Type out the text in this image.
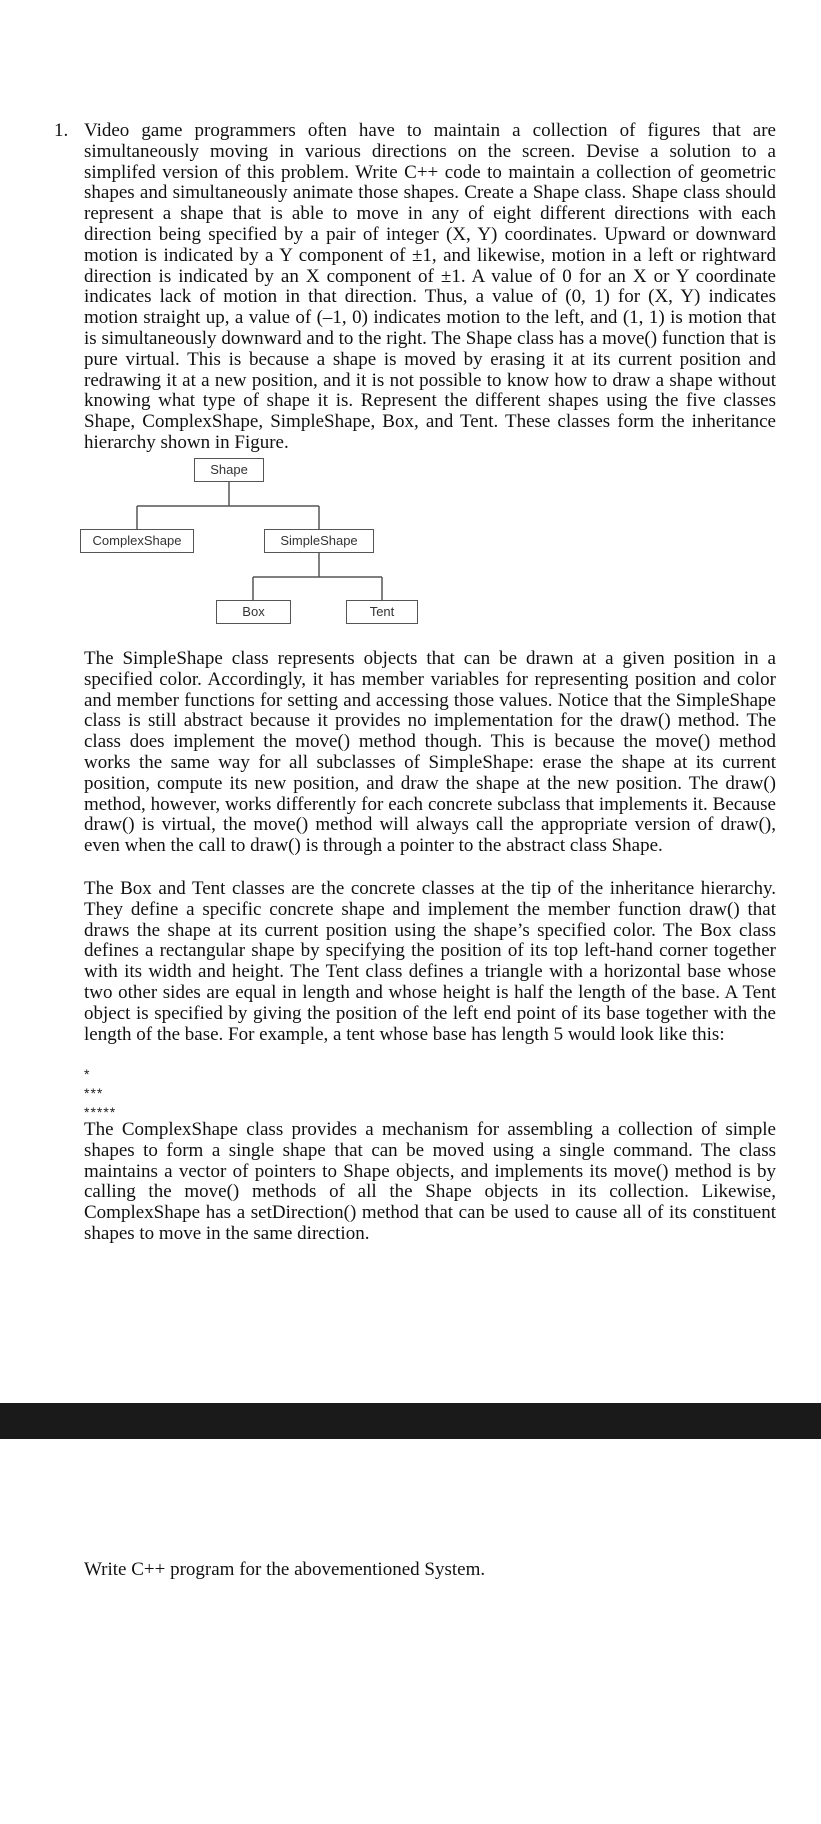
1. Video game programmers often have to maintain a collection of figures that are simultaneously moving in various directions on the screen. Devise a solution to a simplifed version of this problem. Write C++ code to maintain a collection of geometric shapes and simultaneously animate those shapes. Create a Shape class. Shape class should represent a shape that is able to move in any of eight different directions with each direction being specified by a pair of integer (X, Y) coordinates. Upward or downward motion is indicated by a Y component of ±1, and likewise, motion in a left or rightward direction is indicated by an X component of ±1. A value of 0 for an X or Y coordinate indicates lack of motion in that direction. Thus, a value of (0, 1) for (X, Y) indicates motion straight up, a value of (–1, 0) indicates motion to the left, and (1, 1) is motion that is simultaneously downward and to the right. The Shape class has a move() function that is pure virtual. This is because a shape is moved by erasing it at its current position and redrawing it at a new position, and it is not possible to know how to draw a shape without knowing what type of shape it is. Represent the different shapes using the five classes Shape, ComplexShape, SimpleShape, Box, and Tent. These classes form the inheritance hierarchy shown in Figure.

Shape
ComplexShape	SimpleShape
Box	Tent

The SimpleShape class represents objects that can be drawn at a given position in a specified color. Accordingly, it has member variables for representing position and color and member functions for setting and accessing those values. Notice that the SimpleShape class is still abstract because it provides no implementation for the draw() method. The class does implement the move() method though. This is because the move() method works the same way for all subclasses of SimpleShape: erase the shape at its current position, compute its new position, and draw the shape at the new position. The draw() method, however, works differently for each concrete subclass that implements it. Because draw() is virtual, the move() method will always call the appropriate version of draw(), even when the call to draw() is through a pointer to the abstract class Shape.

The Box and Tent classes are the concrete classes at the tip of the inheritance hierarchy. They define a specific concrete shape and implement the member function draw() that draws the shape at its current position using the shape’s specified color. The Box class defines a rectangular shape by specifying the position of its top left-hand corner together with its width and height. The Tent class defines a triangle with a horizontal base whose two other sides are equal in length and whose height is half the length of the base. A Tent object is specified by giving the position of the left end point of its base together with the length of the base. For example, a tent whose base has length 5 would look like this:

*
***
*****

The ComplexShape class provides a mechanism for assembling a collection of simple shapes to form a single shape that can be moved using a single command. The class maintains a vector of pointers to Shape objects, and implements its move() method is by calling the move() methods of all the Shape objects in its collection. Likewise, ComplexShape has a setDirection() method that can be used to cause all of its constituent shapes to move in the same direction.

Write C++ program for the abovementioned System.
